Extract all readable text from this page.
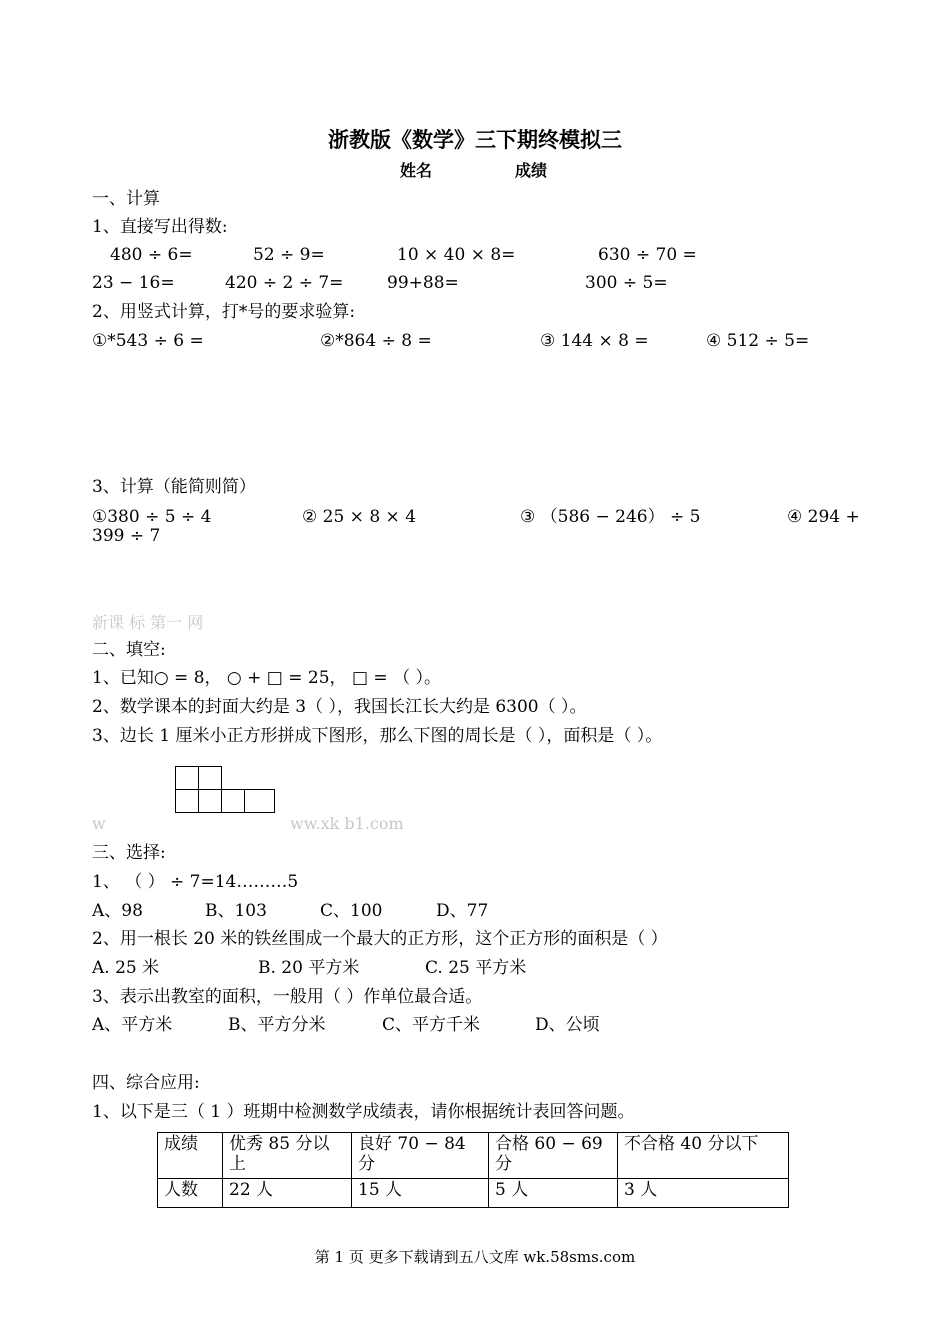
浙教版《数学》三下期终模拟三
姓名	成绩
一、计算
1、直接写出得数:
480 ÷ 6=	52 ÷ 9=	10 × 40 × 8=	630 ÷ 70 =
23 − 16=	420 ÷ 2 ÷ 7=	99+88=	300 ÷ 5=
2、用竖式计算，打*号的要求验算:
①*543 ÷ 6 =	②*864 ÷ 8 =	③ 144 × 8 =	④ 512 ÷ 5=
3、计算（能简则简）
①380 ÷ 5 ÷ 4	② 25 × 8 × 4	③ （586 − 246） ÷ 5	④ 294 +
399 ÷ 7
新课 标 第一 网
二、填空:
1、已知○ = 8， ○ + □ = 25， □ = （ ）。
2、数学课本的封面大约是 3（ ），我国长江长大约是 6300（ ）。
3、边长 1 厘米小正方形拼成下图形，那么下图的周长是（ ），面积是（ ）。
w	ww.xk b1.com
三、选择:
1、 （ ） ÷ 7=14………5
A、98	B、103	C、100	D、77
2、用一根长 20 米的铁丝围成一个最大的正方形，这个正方形的面积是（ ）
A. 25 米	B. 20 平方米	C. 25 平方米
3、表示出教室的面积，一般用（ ）作单位最合适。
A、平方米	B、平方分米	C、平方千米	D、公顷
四、综合应用:
1、以下是三（ 1 ）班期中检测数学成绩表，请你根据统计表回答问题。
成绩	优秀 85 分以上	良好 70 − 84 分	合格 60 − 69 分	不合格 40 分以下
人数	22 人	15 人	5 人	3 人
第 1 页 更多下载请到五八文库 wk.58sms.com
